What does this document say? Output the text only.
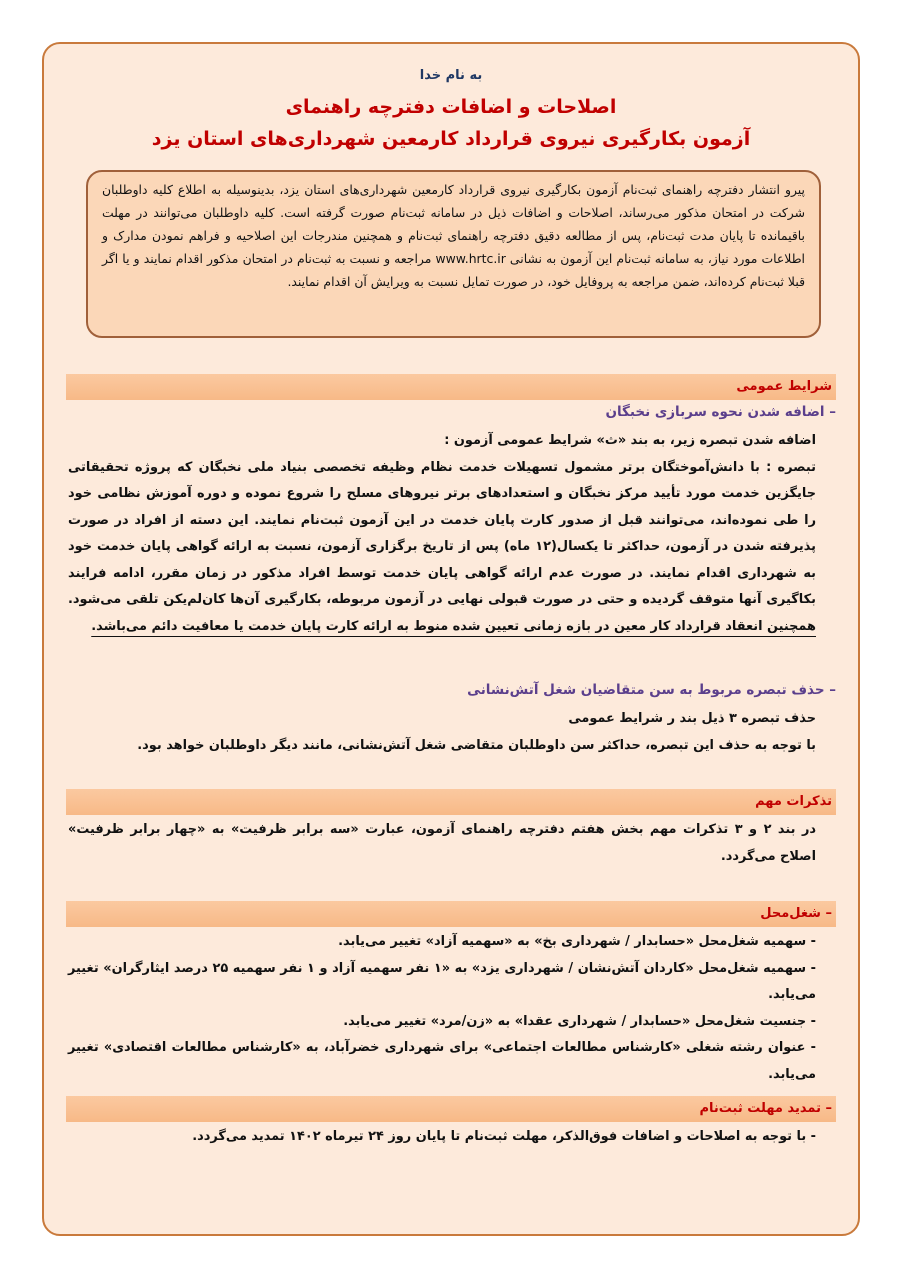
به نام خدا
اصلاحات و اضافات دفترچه راهنمای
آزمون بکارگیری نیروی قرارداد کارمعین شهرداری‌های استان یزد
پیرو انتشار دفترچه راهنمای ثبت‌نام آزمون بکارگیری نیروی قرارداد کارمعین شهرداری‌های استان یزد، بدینوسیله به اطلاع کلیه داوطلبان شرکت در امتحان مذکور می‌رساند، اصلاحات و اضافات ذیل در سامانه ثبت‌نام صورت گرفته است. کلیه داوطلبان می‌توانند در مهلت باقیمانده تا پایان مدت ثبت‌نام، پس از مطالعه دقیق دفترچه راهنمای ثبت‌نام و همچنین مندرجات این اصلاحیه و فراهم نمودن مدارک و اطلاعات مورد نیاز، به سامانه ثبت‌نام این آزمون به نشانی www.hrtc.ir مراجعه و نسبت به ثبت‌نام در امتحان مذکور اقدام نمایند و یا اگر قبلا ثبت‌نام کرده‌اند، ضمن مراجعه به پروفایل خود، در صورت تمایل نسبت به ویرایش آن اقدام نمایند.
شرایط عمومی
– اضافه شدن نحوه سربازی نخبگان
اضافه شدن تبصره زیر، به بند «ث» شرایط عمومی آزمون :
تبصره : با دانش‌آموختگان برتر مشمول تسهیلات خدمت نظام وظیفه تخصصی بنیاد ملی نخبگان که پروژه تحقیقاتی جایگزین خدمت مورد تأیید مرکز نخبگان و استعدادهای برتر نیروهای مسلح را شروع نموده و دوره آموزش نظامی خود را طی نموده‌اند، می‌توانند قبل از صدور کارت پایان خدمت در این آزمون ثبت‌نام نمایند. این دسته از افراد در صورت پذیرفته شدن در آزمون، حداکثر تا یکسال(۱۲ ماه) پس از تاریخ برگزاری آزمون، نسبت به ارائه گواهی پایان خدمت خود به شهرداری اقدام نمایند. در صورت عدم ارائه گواهی پایان خدمت توسط افراد مذکور در زمان مقرر، ادامه فرایند بکاگیری آنها متوقف گردیده و حتی در صورت قبولی نهایی در آزمون مربوطه، بکارگیری آن‌ها کان‌لم‌یکن تلقی می‌شود. همچنین انعقاد قرارداد کار معین در بازه زمانی تعیین شده منوط به ارائه کارت پایان خدمت یا معافیت دائم می‌باشد.
– حذف تبصره مربوط به سن متقاضیان شغل آتش‌نشانی
حذف تبصره ۳ ذیل بند ر شرایط عمومی
با توجه به حذف این تبصره، حداکثر سن داوطلبان متقاضی شغل آتش‌نشانی، مانند دیگر داوطلبان خواهد بود.
تذکرات مهم
در بند ۲ و ۳ تذکرات مهم بخش هفتم دفترچه راهنمای آزمون، عبارت «سه برابر ظرفیت» به «چهار برابر ظرفیت» اصلاح می‌گردد.
– شغل‌محل
- سهمیه شغل‌محل «حسابدار / شهرداری بخ» به «سهمیه آزاد» تغییر می‌یابد.
- سهمیه شغل‌محل «کاردان آتش‌نشان / شهرداری یزد» به «۱ نفر سهمیه آزاد و ۱ نفر سهمیه ۲۵ درصد ایثارگران» تغییر می‌یابد.
- جنسیت شغل‌محل «حسابدار / شهرداری عقدا» به «زن/مرد» تغییر می‌یابد.
- عنوان رشته شغلی «کارشناس مطالعات اجتماعی» برای شهرداری خضرآباد، به «کارشناس مطالعات اقتصادی» تغییر می‌یابد.
– تمدید مهلت ثبت‌نام
- با توجه به اصلاحات و اضافات فوق‌الذکر، مهلت ثبت‌نام تا پایان روز ۲۴ تیرماه ۱۴۰۲ تمدید می‌گردد.
